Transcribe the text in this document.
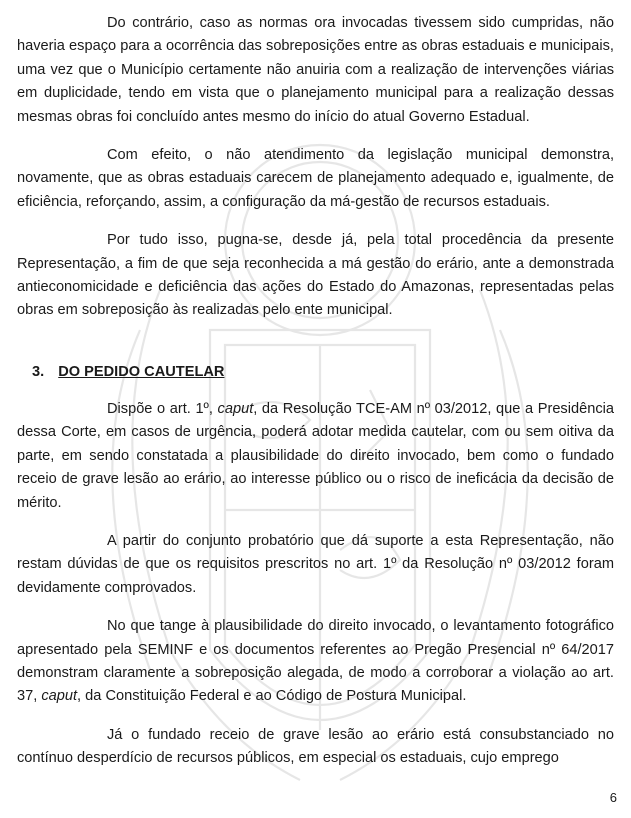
Do contrário, caso as normas ora invocadas tivessem sido cumpridas, não haveria espaço para a ocorrência das sobreposições entre as obras estaduais e municipais, uma vez que o Município certamente não anuiria com a realização de intervenções viárias em duplicidade, tendo em vista que o planejamento municipal para a realização dessas mesmas obras foi concluído antes mesmo do início do atual Governo Estadual.

Com efeito, o não atendimento da legislação municipal demonstra, novamente, que as obras estaduais carecem de planejamento adequado e, igualmente, de eficiência, reforçando, assim, a configuração da má-gestão de recursos estaduais.

Por tudo isso, pugna-se, desde já, pela total procedência da presente Representação, a fim de que seja reconhecida a má gestão do erário, ante a demonstrada antieconomicidade e deficiência das ações do Estado do Amazonas, representadas pelas obras em sobreposição às realizadas pelo ente municipal.

3. DO PEDIDO CAUTELAR

Dispõe o art. 1º, caput, da Resolução TCE-AM nº 03/2012, que a Presidência dessa Corte, em casos de urgência, poderá adotar medida cautelar, com ou sem oitiva da parte, em sendo constatada a plausibilidade do direito invocado, bem como o fundado receio de grave lesão ao erário, ao interesse público ou o risco de ineficácia da decisão de mérito.

A partir do conjunto probatório que dá suporte a esta Representação, não restam dúvidas de que os requisitos prescritos no art. 1º da Resolução nº 03/2012 foram devidamente comprovados.

No que tange à plausibilidade do direito invocado, o levantamento fotográfico apresentado pela SEMINF e os documentos referentes ao Pregão Presencial nº 64/2017 demonstram claramente a sobreposição alegada, de modo a corroborar a violação ao art. 37, caput, da Constituição Federal e ao Código de Postura Municipal.

Já o fundado receio de grave lesão ao erário está consubstanciado no contínuo desperdício de recursos públicos, em especial os estaduais, cujo emprego

6
